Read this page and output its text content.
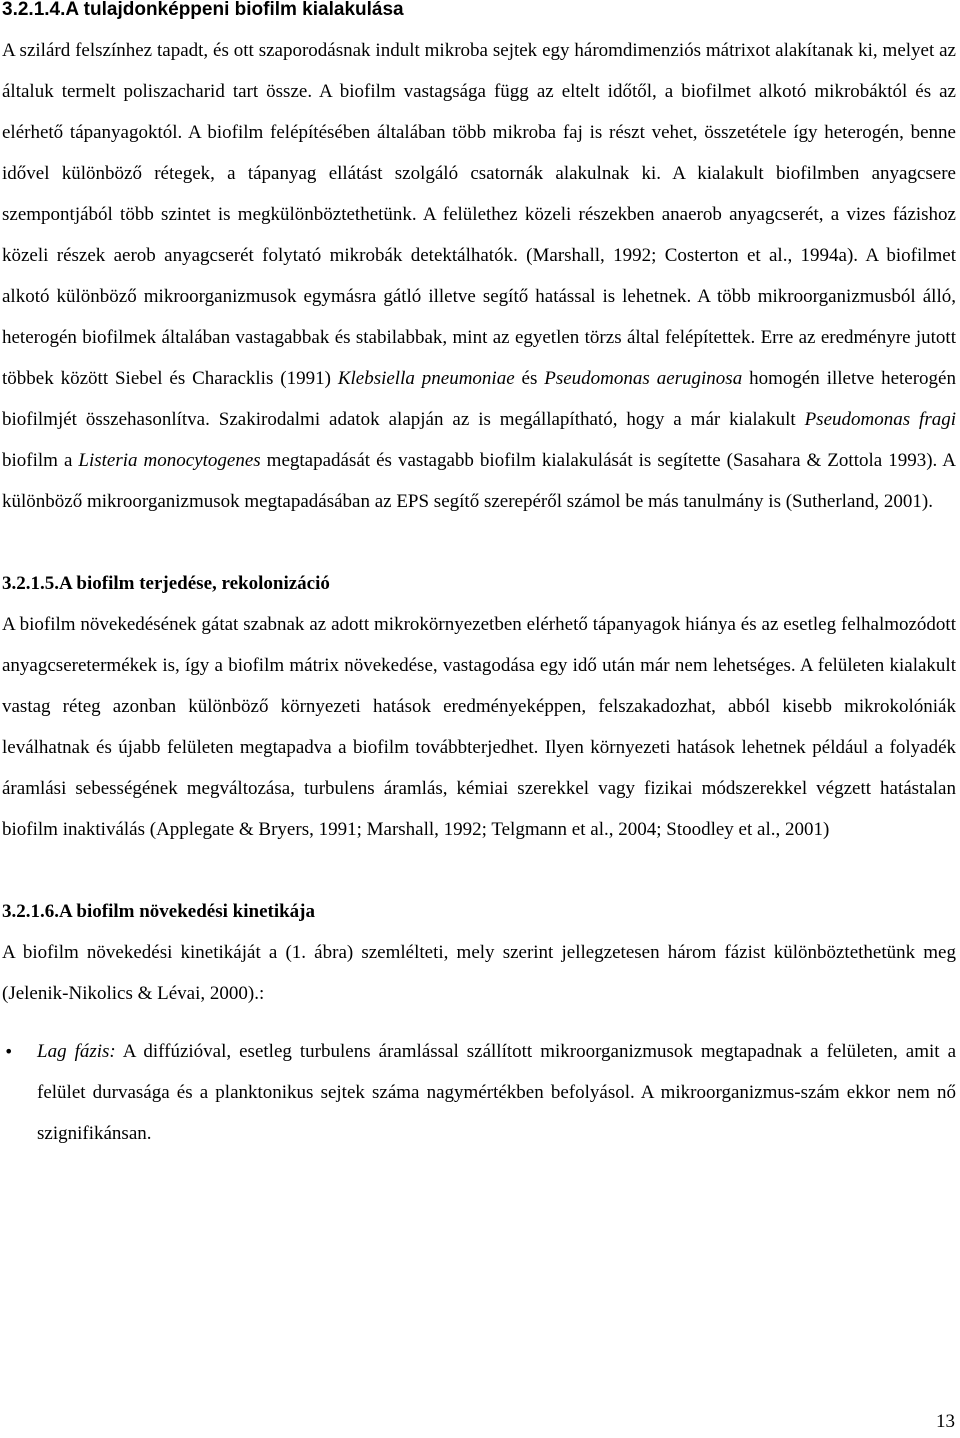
3.2.1.4.A tulajdonképpeni biofilm kialakulása

A szilárd felszínhez tapadt, és ott szaporodásnak indult mikroba sejtek egy háromdimenziós mátrixot alakítanak ki, melyet az általuk termelt poliszacharid tart össze. A biofilm vastagsága függ az eltelt időtől, a biofilmet alkotó mikrobáktól és az elérhető tápanyagoktól. A biofilm felépítésében általában több mikroba faj is részt vehet, összetétele így heterogén, benne idővel különböző rétegek, a tápanyag ellátást szolgáló csatornák alakulnak ki. A kialakult biofilmben anyagcsere szempontjából több szintet is megkülönböztethetünk. A felülethez közeli részekben anaerob anyagcserét, a vizes fázishoz közeli részek aerob anyagcserét folytató mikrobák detektálhatók. (Marshall, 1992; Costerton et al., 1994a). A biofilmet alkotó különböző mikroorganizmusok egymásra gátló illetve segítő hatással is lehetnek. A több mikroorganizmusból álló, heterogén biofilmek általában vastagabbak és stabilabbak, mint az egyetlen törzs által felépítettek. Erre az eredményre jutott többek között Siebel és Characklis (1991) Klebsiella pneumoniae és Pseudomonas aeruginosa homogén illetve heterogén biofilmjét összehasonlítva. Szakirodalmi adatok alapján az is megállapítható, hogy a már kialakult Pseudomonas fragi biofilm a Listeria monocytogenes megtapadását és vastagabb biofilm kialakulását is segítette (Sasahara & Zottola 1993). A különböző mikroorganizmusok megtapadásában az EPS segítő szerepéről számol be más tanulmány is (Sutherland, 2001).

3.2.1.5.A biofilm terjedése, rekolonizáció

A biofilm növekedésének gátat szabnak az adott mikrokörnyezetben elérhető tápanyagok hiánya és az esetleg felhalmozódott anyagcseretermékek is, így a biofilm mátrix növekedése, vastagodása egy idő után már nem lehetséges. A felületen kialakult vastag réteg azonban különböző környezeti hatások eredményeképpen, felszakadozhat, abból kisebb mikrokolóniák leválhatnak és újabb felületen megtapadva a biofilm továbbterjedhet. Ilyen környezeti hatások lehetnek például a folyadék áramlási sebességének megváltozása, turbulens áramlás, kémiai szerekkel vagy fizikai módszerekkel végzett hatástalan biofilm inaktiválás (Applegate & Bryers, 1991; Marshall, 1992; Telgmann et al., 2004; Stoodley et al., 2001)

3.2.1.6.A biofilm növekedési kinetikája

A biofilm növekedési kinetikáját a (1. ábra) szemlélteti, mely szerint jellegzetesen három fázist különböztethetünk meg (Jelenik-Nikolics & Lévai, 2000).:

• Lag fázis: A diffúzióval, esetleg turbulens áramlással szállított mikroorganizmusok megtapadnak a felületen, amit a felület durvasága és a planktonikus sejtek száma nagymértékben befolyásol. A mikroorganizmus-szám ekkor nem nő szignifikánsan.
13
